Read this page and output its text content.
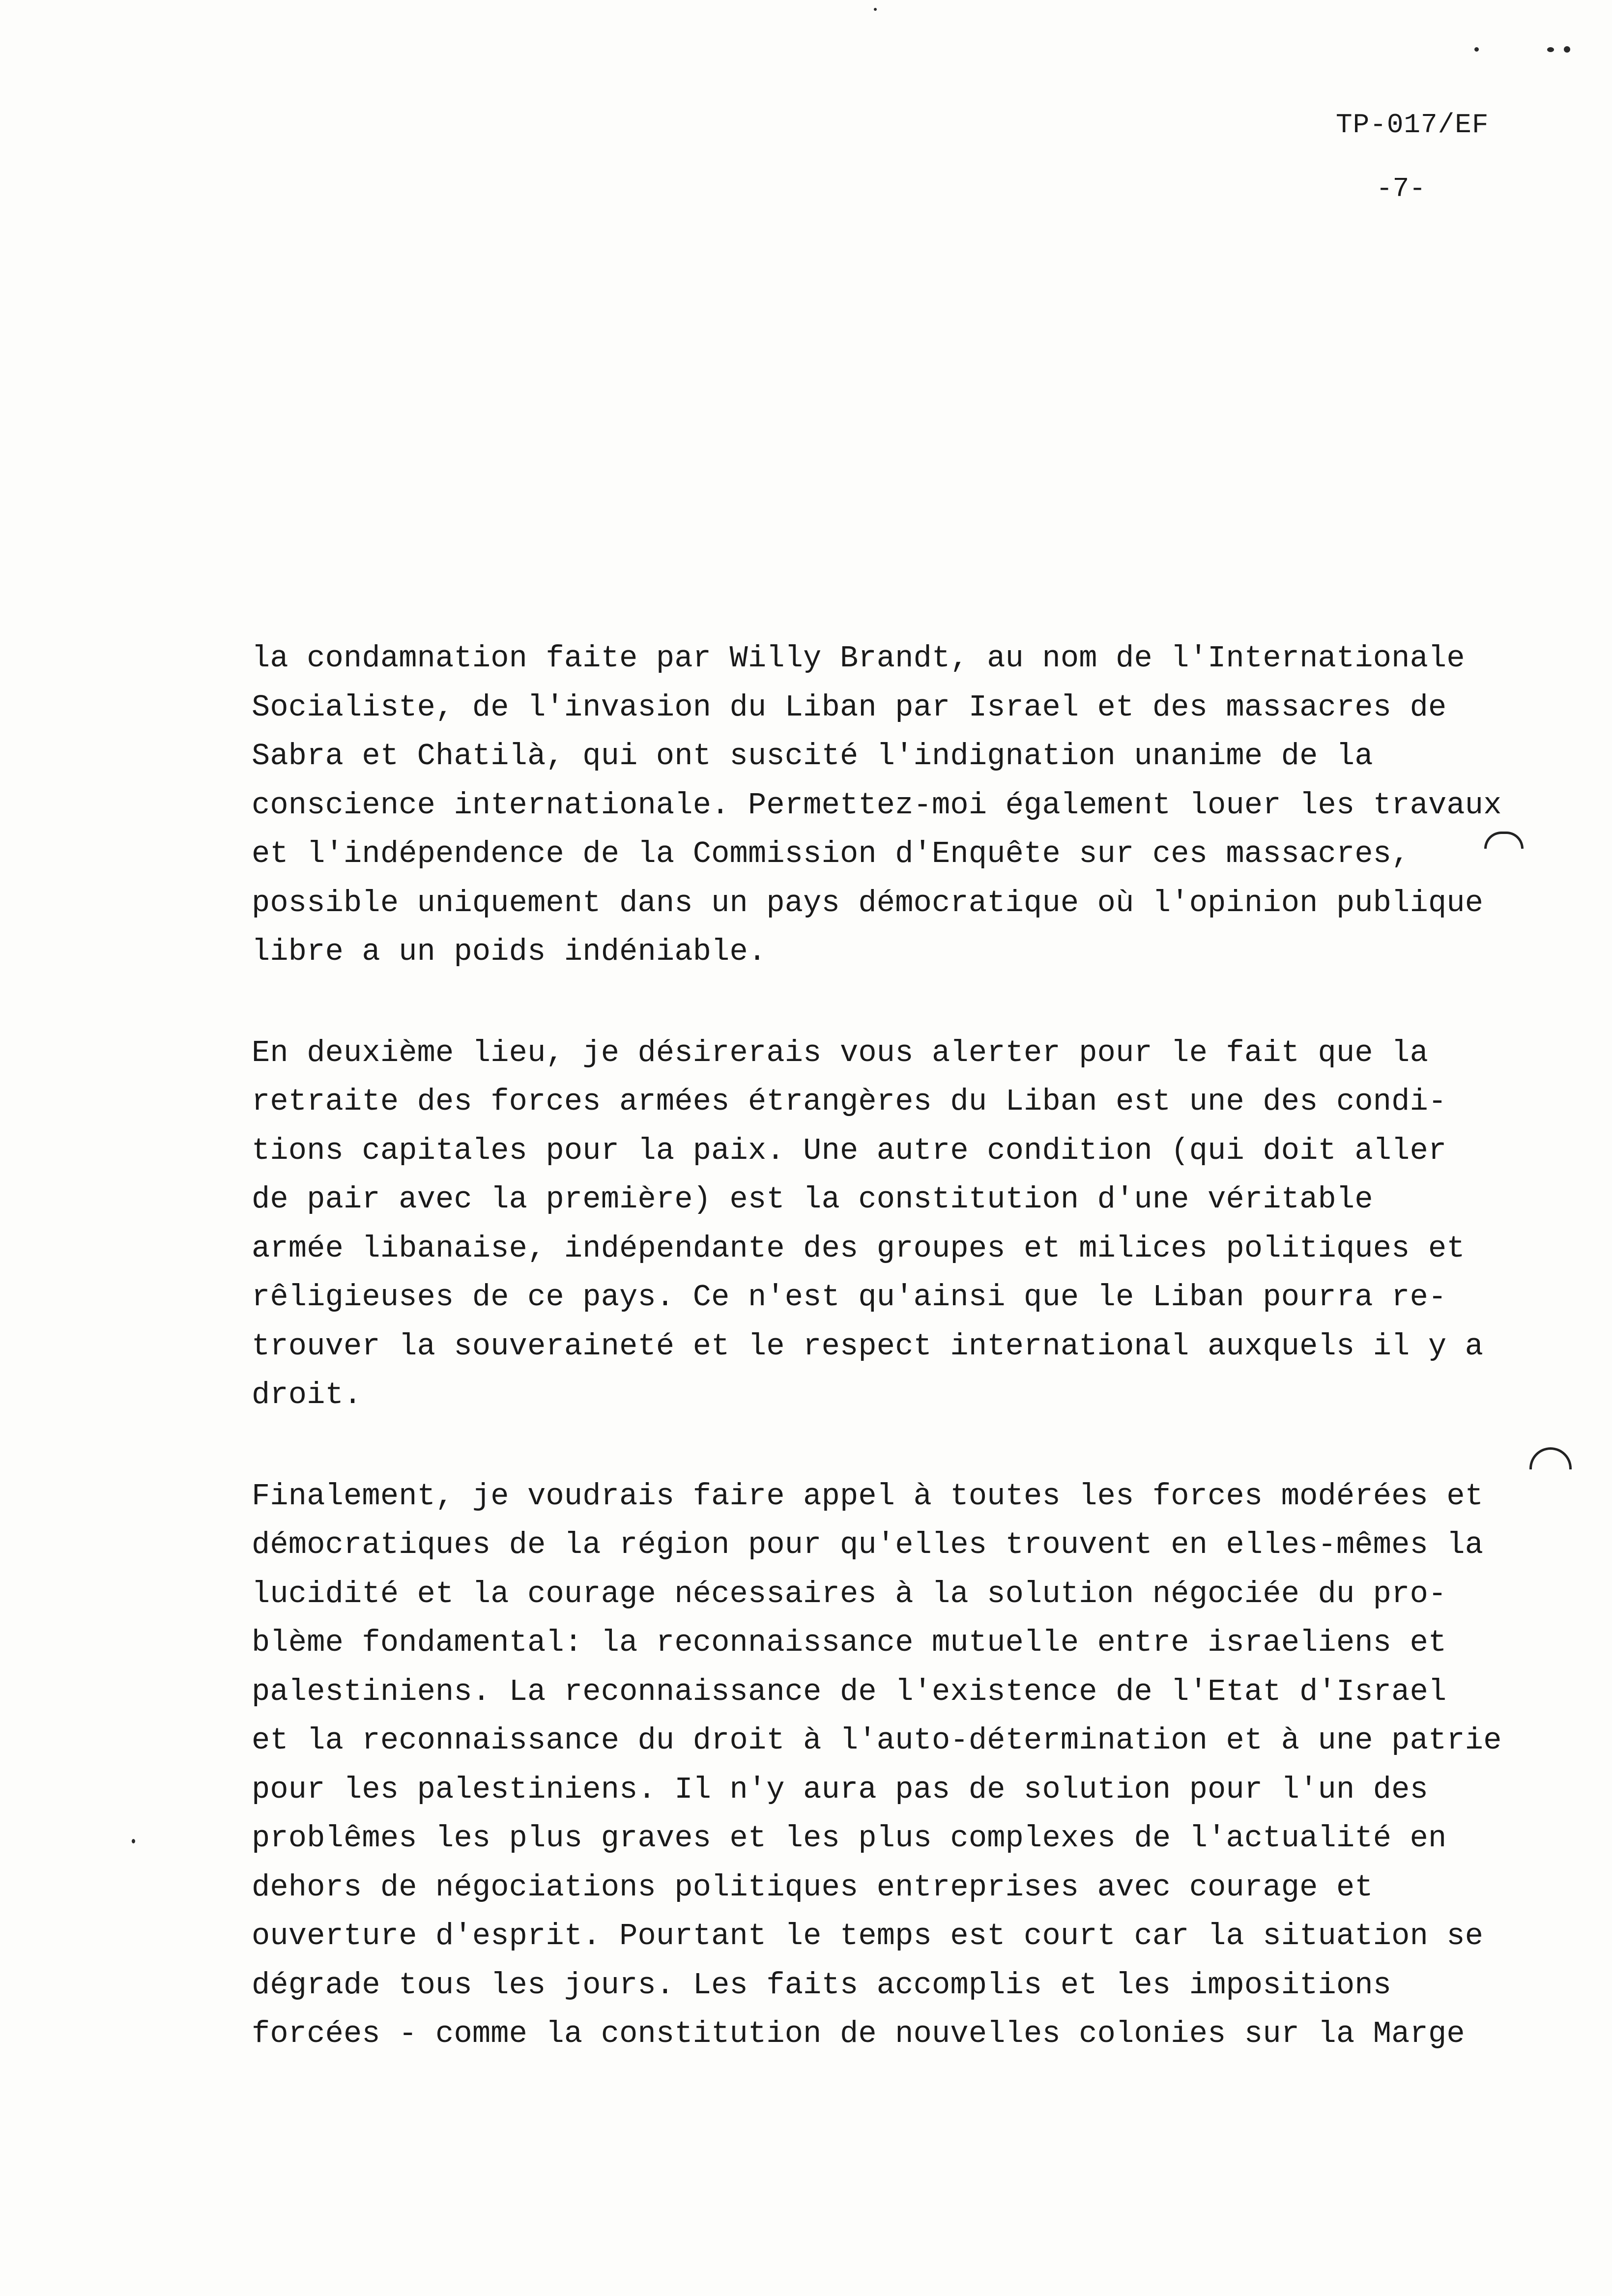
TP-017/EF
-7-
la condamnation faite par Willy Brandt, au nom de l'Internationale
Socialiste, de l'invasion du Liban par Israel et des massacres de
Sabra et Chatilà, qui ont suscité l'indignation unanime de la
conscience internationale. Permettez-moi également louer les travaux
et l'indépendence de la Commission d'Enquête sur ces massacres,
possible uniquement dans un pays démocratique où l'opinion publique
libre a un poids indéniable.
En deuxième lieu, je désirerais vous alerter pour le fait que la
retraite des forces armées étrangères du Liban est une des condi-
tions capitales pour la paix. Une autre condition (qui doit aller
de pair avec la première) est la constitution d'une véritable
armée libanaise, indépendante des groupes et milices politiques et
rêligieuses de ce pays. Ce n'est qu'ainsi que le Liban pourra re-
trouver la souveraineté et le respect international auxquels il y a
droit.
Finalement, je voudrais faire appel à toutes les forces modérées et
démocratiques de la région pour qu'elles trouvent en elles-mêmes la
lucidité et la courage nécessaires à la solution négociée du pro-
blème fondamental: la reconnaissance mutuelle entre israeliens et
palestiniens. La reconnaissance de l'existence de l'Etat d'Israel
et la reconnaissance du droit à l'auto-détermination et à une patrie
pour les palestiniens. Il n'y aura pas de solution pour l'un des
problêmes les plus graves et les plus complexes de l'actualité en
dehors de négociations politiques entreprises avec courage et
ouverture d'esprit. Pourtant le temps est court car la situation se
dégrade tous les jours. Les faits accomplis et les impositions
forcées - comme la constitution de nouvelles colonies sur la Marge
